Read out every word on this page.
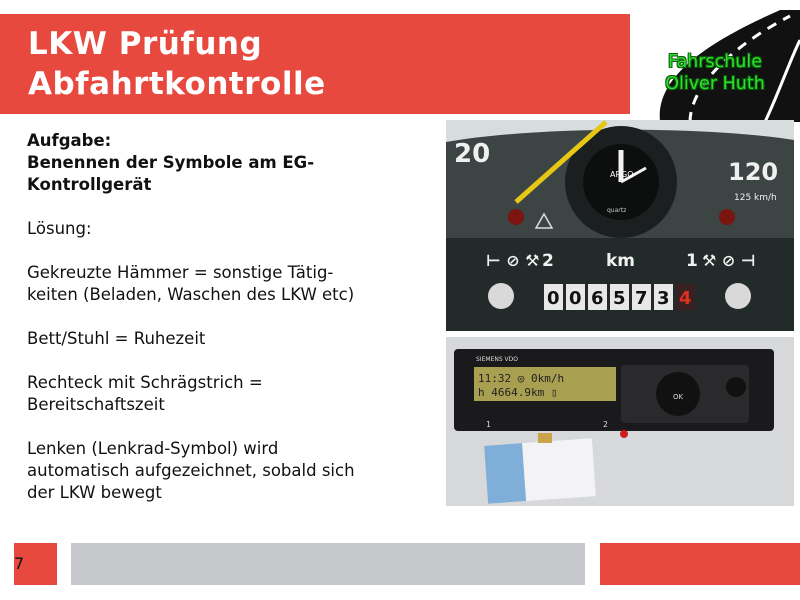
LKW Prüfung
Abfahrtkontrolle
Fahrschule
Oliver Huth

Aufgabe:

Benennen der Symbole am EG-

Kontrollgerät

Lösung:

Gekreuzte Hämmer = sonstige Tätig-

keiten (Beladen, Waschen des LKW etc)

Bett/Stuhl = Ruhezeit

Rechteck mit Schrägstrich =

Bereitschaftszeit

Lenken (Lenkrad-Symbol) wird

automatisch aufgezeichnet, sobald sich

der LKW bewegt

20
120
125 km/h
ARGO
quartz
⊢ ⊘ ⚒ 2	km	1 ⚒ ⊘ ⊣
0 0 6 5 7 3 4
SIEMENS VDO
11:32 ◎ 0km/h
h 4664.9km ▯	OK
1	2
7
